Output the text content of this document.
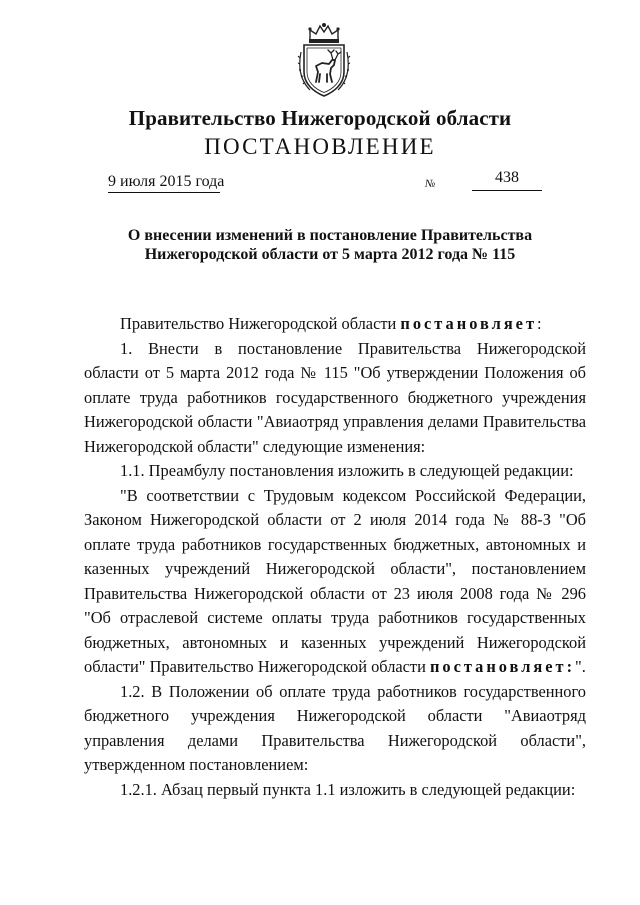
Правительство Нижегородской области
ПОСТАНОВЛЕНИЕ
9 июля 2015 года	№	438
О внесении изменений в постановление Правительства
Нижегородской области от 5 марта 2012 года № 115

Правительство Нижегородской области постановляет:

1. Внести в постановление Правительства Нижегородской области от 5 марта 2012 года № 115 "Об утверждении Положения об оплате труда работников государственного бюджетного учреждения Нижегородской области "Авиаотряд управления делами Правительства Нижегородской области" следующие изменения:

1.1. Преамбулу постановления изложить в следующей редакции:

"В соответствии с Трудовым кодексом Российской Федерации, Законом Нижегородской области от 2 июля 2014 года № 88-З "Об оплате труда работников государственных бюджетных, автономных и казенных учреждений Нижегородской области", постановлением Правительства Нижегородской области от 23 июля 2008 года № 296 "Об отраслевой системе оплаты труда работников государственных бюджетных, автономных и казенных учреждений Нижегородской области" Правительство Нижегородской области постановляет:".

1.2. В Положении об оплате труда работников государственного бюджетного учреждения Нижегородской области "Авиаотряд управления делами Правительства Нижегородской области", утвержденном постановлением:

1.2.1. Абзац первый пункта 1.1 изложить в следующей редакции:
